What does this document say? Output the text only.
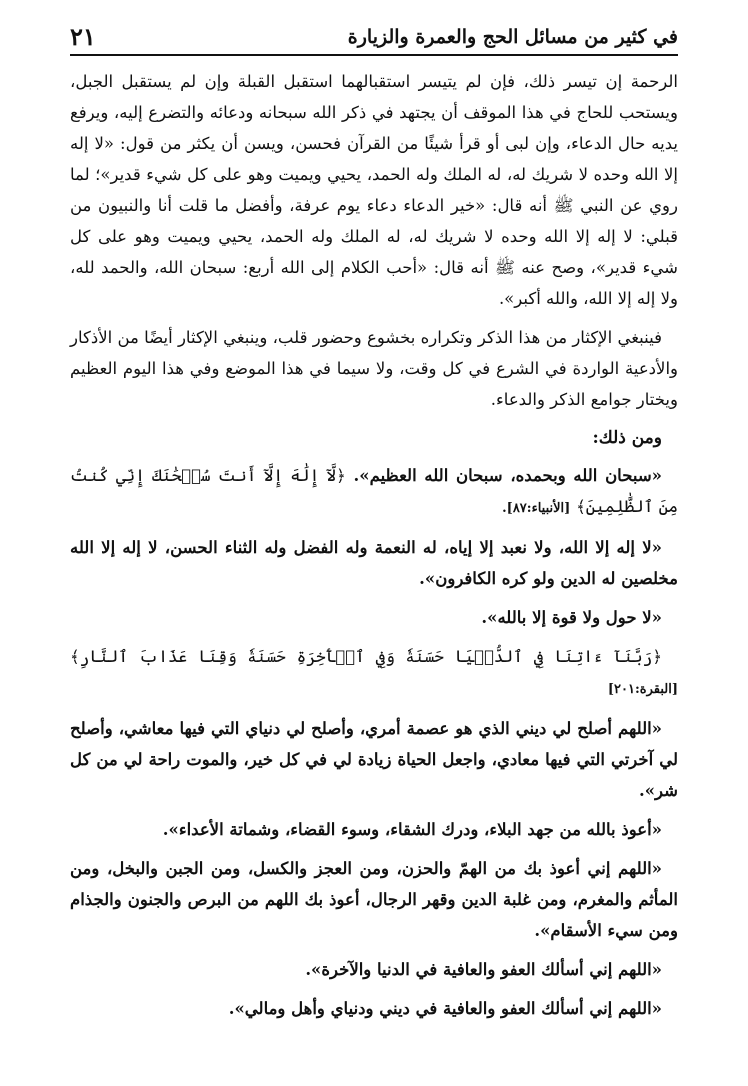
في كثير من مسائل الحج والعمرة والزيارة
٢١

الرحمة إن تيسر ذلك، فإن لم يتيسر استقبالهما استقبل القبلة وإن لم يستقبل الجبل، ويستحب للحاج في هذا الموقف أن يجتهد في ذكر الله سبحانه ودعائه والتضرع إليه، ويرفع يديه حال الدعاء، وإن لبى أو قرأ شيئًا من القرآن فحسن، ويسن أن يكثر من قول: «لا إله إلا الله وحده لا شريك له، له الملك وله الحمد، يحيي ويميت وهو على كل شيء قدير»؛ لما روي عن النبي ﷺ أنه قال: «خير الدعاء دعاء يوم عرفة، وأفضل ما قلت أنا والنبيون من قبلي: لا إله إلا الله وحده لا شريك له، له الملك وله الحمد، يحيي ويميت وهو على كل شيء قدير»، وصح عنه ﷺ أنه قال: «أحب الكلام إلى الله أربع: سبحان الله، والحمد لله، ولا إله إلا الله، والله أكبر».

فينبغي الإكثار من هذا الذكر وتكراره بخشوع وحضور قلب، وينبغي الإكثار أيضًا من الأذكار والأدعية الواردة في الشرع في كل وقت، ولا سيما في هذا الموضع وفي هذا اليوم العظيم ويختار جوامع الذكر والدعاء.

ومن ذلك:

«سبحان الله وبحمده، سبحان الله العظيم». ﴿لَّآ إِلَٰهَ إِلَّآ أَنتَ سُبۡحَٰنَكَ إِنِّي كُنتُ مِنَ ٱلظَّٰلِمِينَ﴾ [الأنبياء:٨٧].

«لا إله إلا الله، ولا نعبد إلا إياه، له النعمة وله الفضل وله الثناء الحسن، لا إله إلا الله مخلصين له الدين ولو كره الكافرون».

«لا حول ولا قوة إلا بالله».

﴿رَبَّنَآ ءَاتِنَا فِي ٱلدُّنۡيَا حَسَنَةٗ وَفِي ٱلۡأٓخِرَةِ حَسَنَةٗ وَقِنَا عَذَابَ ٱلنَّارِ﴾ [البقرة:٢٠١]

«اللهم أصلح لي ديني الذي هو عصمة أمري، وأصلح لي دنياي التي فيها معاشي، وأصلح لي آخرتي التي فيها معادي، واجعل الحياة زيادة لي في كل خير، والموت راحة لي من كل شر».

«أعوذ بالله من جهد البلاء، ودرك الشقاء، وسوء القضاء، وشماتة الأعداء».

«اللهم إني أعوذ بك من الهمّ والحزن، ومن العجز والكسل، ومن الجبن والبخل، ومن المأثم والمغرم، ومن غلبة الدين وقهر الرجال، أعوذ بك اللهم من البرص والجنون والجذام ومن سيء الأسقام».

«اللهم إني أسألك العفو والعافية في الدنيا والآخرة».

«اللهم إني أسألك العفو والعافية في ديني ودنياي وأهل ومالي».
